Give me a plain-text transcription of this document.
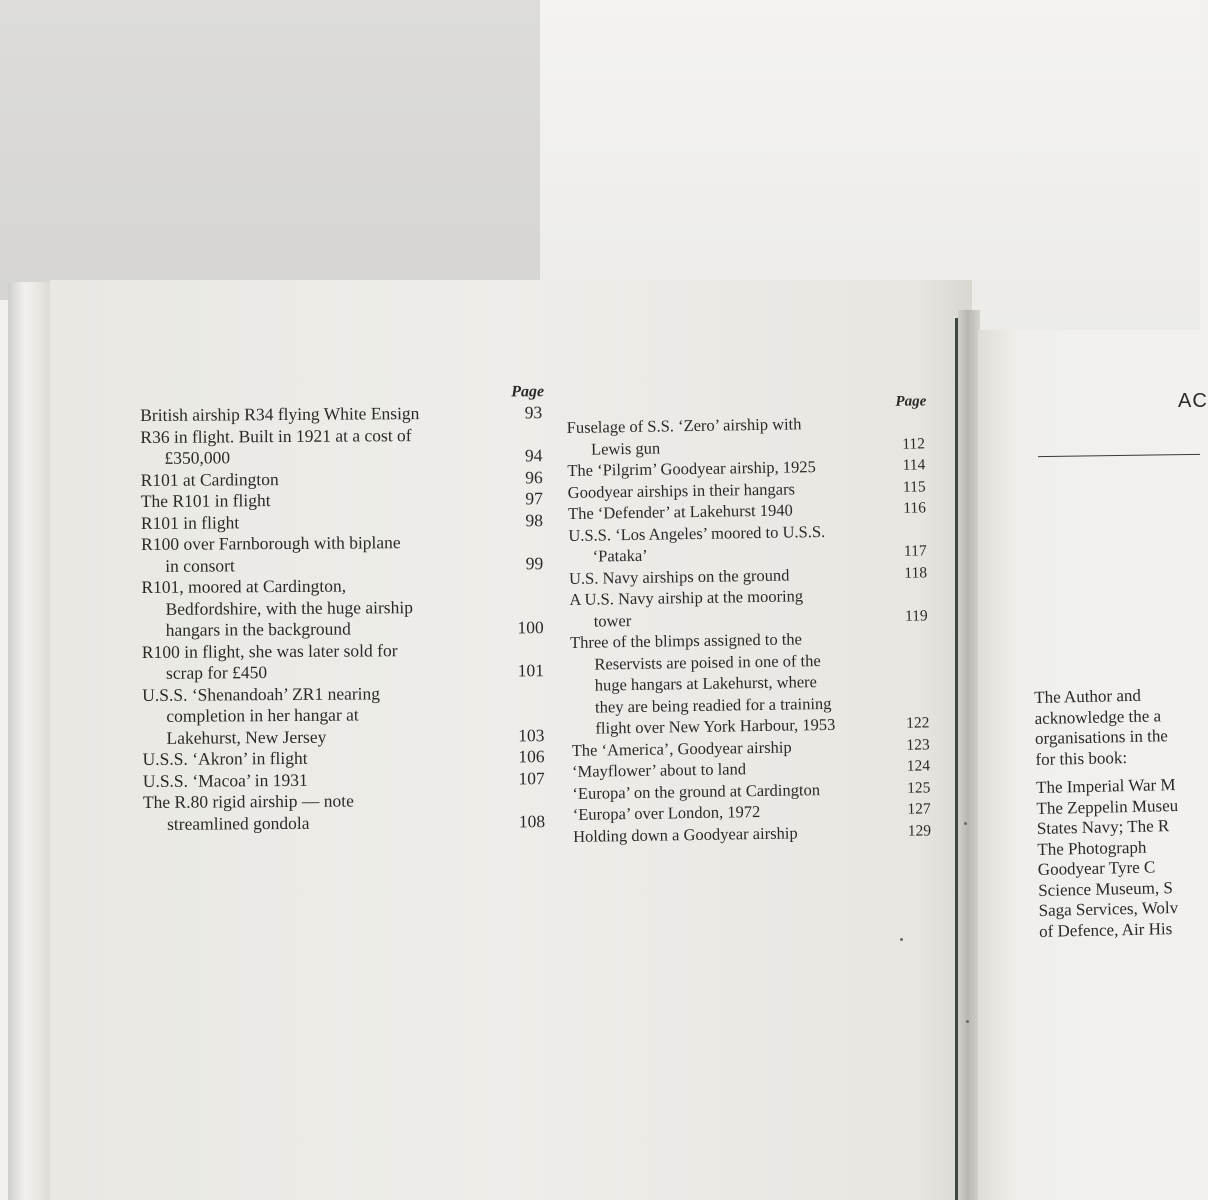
Page
British airship R34 flying White Ensign	93
R36 in flight. Built in 1921 at a cost of
£350,000	94
R101 at Cardington	96
The R101 in flight	97
R101 in flight	98
R100 over Farnborough with biplane
in consort	99
R101, moored at Cardington,
Bedfordshire, with the huge airship
hangars in the background	100
R100 in flight, she was later sold for
scrap for £450	101
U.S.S. ‘Shenandoah’ ZR1 nearing
completion in her hangar at
Lakehurst, New Jersey	103
U.S.S. ‘Akron’ in flight	106
U.S.S. ‘Macoa’ in 1931	107
The R.80 rigid airship — note
streamlined gondola	108
Page
Fuselage of S.S. ‘Zero’ airship with
Lewis gun	112
The ‘Pilgrim’ Goodyear airship, 1925	114
Goodyear airships in their hangars	115
The ‘Defender’ at Lakehurst 1940	116
U.S.S. ‘Los Angeles’ moored to U.S.S.
‘Pataka’	117
U.S. Navy airships on the ground	118
A U.S. Navy airship at the mooring
tower	119
Three of the blimps assigned to the
Reservists are poised in one of the
huge hangars at Lakehurst, where
they are being readied for a training
flight over New York Harbour, 1953	122
The ‘America’, Goodyear airship	123
‘Mayflower’ about to land	124
‘Europa’ on the ground at Cardington	125
‘Europa’ over London, 1972	127
Holding down a Goodyear airship	129
AC
The Author and
acknowledge the a
organisations in the
for this book:
The Imperial War M
The Zeppelin Museu
States Navy; The R
The Photograph
Goodyear Tyre C
Science Museum, S
Saga Services, Wolv
of Defence, Air His
